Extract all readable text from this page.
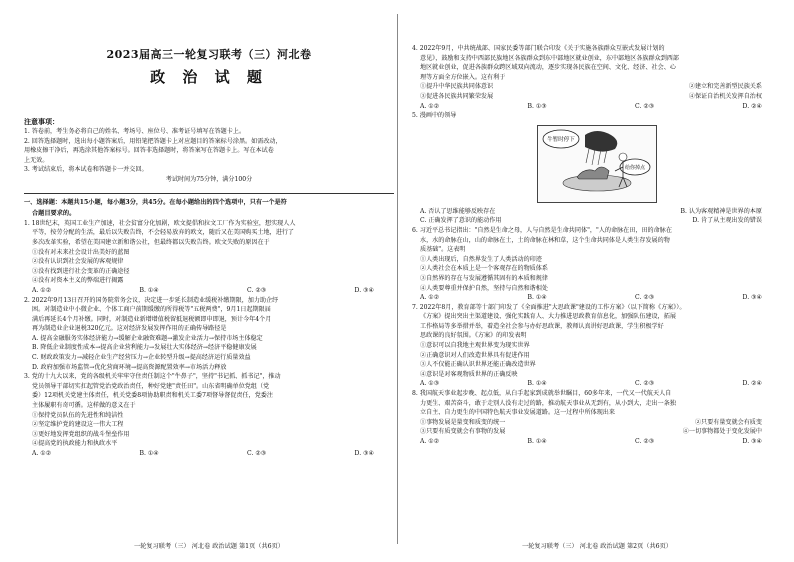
2023届高三一轮复习联考（三）河北卷
政 治 试 题
注意事项：

1. 答卷前，考生务必将自己的姓名、考场号、座位号、准考证号填写在答题卡上。

2. 回答选择题时，选出每小题答案后，用铅笔把答题卡上对应题目的答案标号涂黑。如需改动，

用橡皮擦干净后，再选涂其他答案标号。回答非选择题时，将答案写在答题卡上。写在本试卷

上无效。

3. 考试结束后，将本试卷和答题卡一并交回。

考试时间为75分钟，满分100分

一、选择题：本题共15小题，每小题3分，共45分。在每小题给出的四个选项中，只有一个是符
合题目要求的。

1. 18世纪末，英国工业生产加速，社会贫富分化加剧，欧文提倡和拉文工厂作为实验室，想实现人人

平等，按劳分配的生活，最后以失败告终，不会轻易放弃的欧文，随后又在美国购买土地，进行了

多次改革实验，希望在美国建立新和谐公社，但最终都以失败告终。欧文失败的原因在于

①没有对未来社会设计出美好的蓝图

②没有认识到社会发展的客观规律

③没有找到进行社会变革的正确途径

④没有对资本主义的弊端进行揭露

A. ①②	B. ①④	C. ②③	D. ③④

2. 2022年9月13日召开的国务院常务会议，决定进一步延长制造业缓税补缴期限，加力助企纾

困。对制造业中小微企业、个体工商户前期缓缴的所得税等"五税两费"，9月1日起期限届

满后再延长4个月补缴。同时，对制造业新增增值税留抵退税额即申即退，预计今年4个月

再为制造业企业退税320亿元。这对经济发展发挥作用的正确传导路径是

A. 提高金融服务实体经济能力→缓解企业融资难题→激发企业活力→保持市场主体稳定

B. 降低企业制度性成本→提高企业营利能力→发展壮大实体经济→经济平稳健康发展

C. 财政政策发力→减轻企业生产经营压力→企业转型升级→提高经济运行质量效益

D. 政府加强市场监管→优化营商环境→提高资源配置效率→市场活力释放

3. 党的十九大以来，党的各级机关牢牢守住责任制这个"牛鼻子"，坚持"书记抓、抓书记"，推动

党员领导干部切实扛起管党治党政治责任，种好党建"责任田"。山东省明确单位党组（党

委）12项机关党建主体责任，机关党委8项协助职责和机关工委7项督导督促责任，党委注

主体履职有奇可循。这样做的意义在于

①保持党员队伍的先进性和纯洁性

②坚定维护党的建设这一伟大工程

③更好地发挥党组织的战斗堡垒作用

④提高党的执政能力和执政水平

A. ①②	B. ①④	C. ②③	D. ③④
一轮复习联考（三） 河北卷 政治试题 第1页（共6页）

4. 2022年9月，中共统战部、国家民委等部门联合印发《关于实施各族群众互嵌式发展计划的

意见》，鼓励和支持中西部民族地区各族群众到东中部地区就业创业，东中部地区各族群众到西部

地区就业创业，促进各族群众跨区域双向流动，逐步实现各民族在空间、文化、经济、社会、心

理等方面全方位嵌入。这有利于

①提升中华民族共同体意识	②建立和完善新型民族关系
③促进各民族共同繁荣发展	④保证自治机关发挥自治权
A. ①②	B. ①③	C. ②③	D. ②④

5. 漫画中的领导

牛暂时停下
给你掉点
A. 否认了思维能够反映存在	B. 认为客观精神是世界的本原
C. 正确发挥了意识的能动作用	D. 肯了从主观出发的错误

6. 习近平总书记指出："自然是生命之母，人与自然是生命共同体"，"人的命脉在田，田的命脉在

水，水的命脉在山，山的命脉在土，土的命脉在林和草，这个生命共同体是人类生存发展的物

质基础"。这表明

①人类出现后，自然界发生了人类活动的印迹

②人类社会在本质上是一个客观存在的物质体系

③自然界的存在与发展遵循其固有的本质和规律

④人类要尊重并保护自然，坚持与自然和谐相处

A. ①②	B. ①④	C. ②③	D. ③④

7. 2022年8月，教育部等十部门印发了《全面推进"大思政课"建设的工作方案》（以下简称《方案》）。

《方案》提出突出主渠道建设、强化实践育人、大力推进思政教育信息化，加强队伍建设，拓展

工作格局等多举措并举，着造全社会参与办好思政课，教师认真讲好思政课，学生积极学好

思政课的良好氛围。《方案》的印发表明

①意识可以自我地主观世界变为现实世界

②正确意识对人们改造世界具有促进作用

③人不仅能正确认识世界还能正确改造世界

④意识是对客观物质世界的正确反映

A. ①③	B. ①④	C. ②③	D. ②④

8. 我国航天事业起步晚、起点低，从白手起家到成就举世瞩目，60多年来，一代又一代航天人自

力更生、艰苦奋斗，敢于走别人没有走过的路，推动航天事业从无到有，从小到大，走出一条独

立自主、自力更生的中国特色航天事业发展道路。这一过程中所体现出来

①事物发展是量变和质变的统一	②只要有量变就会有质变
③只要有质变就会有事物的发展	④一切事物都处于变化发展中
A. ①②	B. ①④	C. ②③	D. ③④
一轮复习联考（三） 河北卷 政治试题 第2页（共6页）
